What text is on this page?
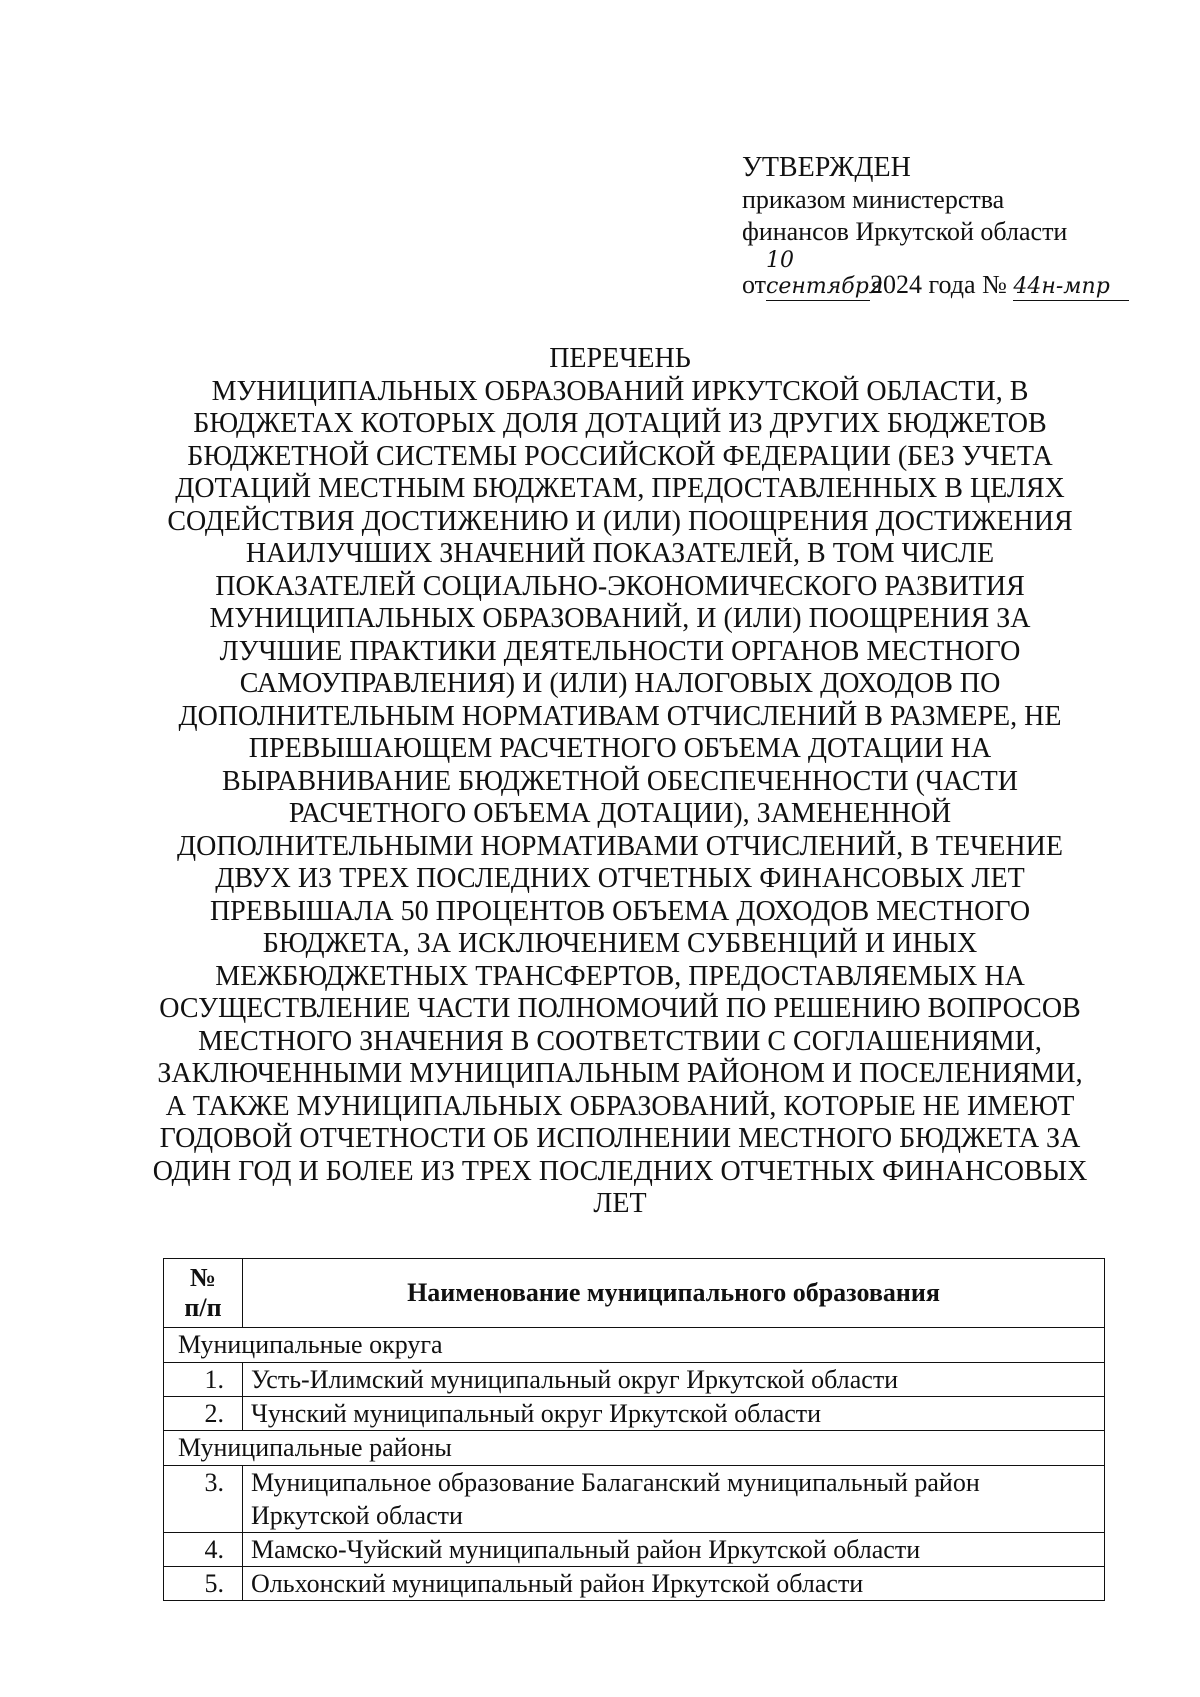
УТВЕРЖДЕН
приказом министерства
финансов Иркутской области
от10 сентября2024 года № 44н-мпр
ПЕРЕЧЕНЬ
МУНИЦИПАЛЬНЫХ ОБРАЗОВАНИЙ ИРКУТСКОЙ ОБЛАСТИ, В БЮДЖЕТАХ КОТОРЫХ ДОЛЯ ДОТАЦИЙ ИЗ ДРУГИХ БЮДЖЕТОВ БЮДЖЕТНОЙ СИСТЕМЫ РОССИЙСКОЙ ФЕДЕРАЦИИ (БЕЗ УЧЕТА ДОТАЦИЙ МЕСТНЫМ БЮДЖЕТАМ, ПРЕДОСТАВЛЕННЫХ В ЦЕЛЯХ СОДЕЙСТВИЯ ДОСТИЖЕНИЮ И (ИЛИ) ПООЩРЕНИЯ ДОСТИЖЕНИЯ НАИЛУЧШИХ ЗНАЧЕНИЙ ПОКАЗАТЕЛЕЙ, В ТОМ ЧИСЛЕ ПОКАЗАТЕЛЕЙ СОЦИАЛЬНО-ЭКОНОМИЧЕСКОГО РАЗВИТИЯ МУНИЦИПАЛЬНЫХ ОБРАЗОВАНИЙ, И (ИЛИ) ПООЩРЕНИЯ ЗА ЛУЧШИЕ ПРАКТИКИ ДЕЯТЕЛЬНОСТИ ОРГАНОВ МЕСТНОГО САМОУПРАВЛЕНИЯ) И (ИЛИ) НАЛОГОВЫХ ДОХОДОВ ПО ДОПОЛНИТЕЛЬНЫМ НОРМАТИВАМ ОТЧИСЛЕНИЙ В РАЗМЕРЕ, НЕ ПРЕВЫШАЮЩЕМ РАСЧЕТНОГО ОБЪЕМА ДОТАЦИИ НА ВЫРАВНИВАНИЕ БЮДЖЕТНОЙ ОБЕСПЕЧЕННОСТИ (ЧАСТИ РАСЧЕТНОГО ОБЪЕМА ДОТАЦИИ), ЗАМЕНЕННОЙ ДОПОЛНИТЕЛЬНЫМИ НОРМАТИВАМИ ОТЧИСЛЕНИЙ, В ТЕЧЕНИЕ ДВУХ ИЗ ТРЕХ ПОСЛЕДНИХ ОТЧЕТНЫХ ФИНАНСОВЫХ ЛЕТ ПРЕВЫШАЛА 50 ПРОЦЕНТОВ ОБЪЕМА ДОХОДОВ МЕСТНОГО БЮДЖЕТА, ЗА ИСКЛЮЧЕНИЕМ СУБВЕНЦИЙ И ИНЫХ МЕЖБЮДЖЕТНЫХ ТРАНСФЕРТОВ, ПРЕДОСТАВЛЯЕМЫХ НА ОСУЩЕСТВЛЕНИЕ ЧАСТИ ПОЛНОМОЧИЙ ПО РЕШЕНИЮ ВОПРОСОВ МЕСТНОГО ЗНАЧЕНИЯ В СООТВЕТСТВИИ С СОГЛАШЕНИЯМИ, ЗАКЛЮЧЕННЫМИ МУНИЦИПАЛЬНЫМ РАЙОНОМ И ПОСЕЛЕНИЯМИ, А ТАКЖЕ МУНИЦИПАЛЬНЫХ ОБРАЗОВАНИЙ, КОТОРЫЕ НЕ ИМЕЮТ ГОДОВОЙ ОТЧЕТНОСТИ ОБ ИСПОЛНЕНИИ МЕСТНОГО БЮДЖЕТА ЗА ОДИН ГОД И БОЛЕЕ ИЗ ТРЕХ ПОСЛЕДНИХ ОТЧЕТНЫХ ФИНАНСОВЫХ ЛЕТ
№
п/п	Наименование муниципального образования
Муниципальные округа	
1.	Усть-Илимский муниципальный округ Иркутской области
2.	Чунский муниципальный округ Иркутской области
Муниципальные районы	
3.	Муниципальное образование Балаганский муниципальный район Иркутской области
4.	Мамско-Чуйский муниципальный район Иркутской области
5.	Ольхонский муниципальный район Иркутской области
